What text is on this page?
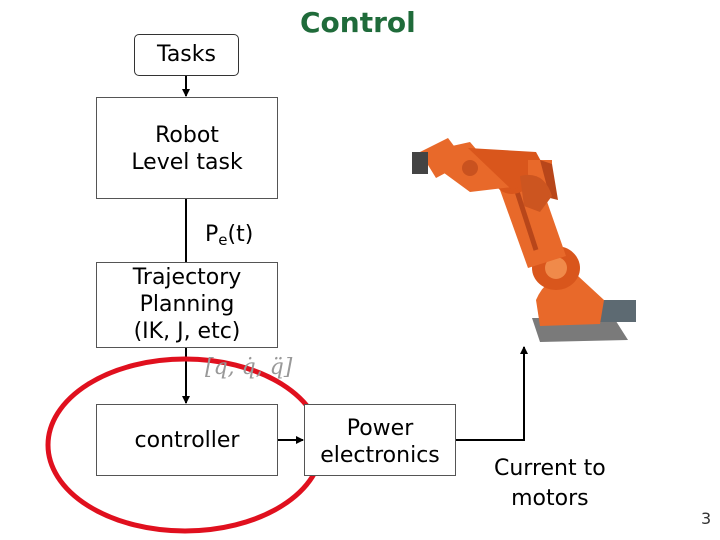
Control
Tasks
Robot
Level task
$P_e(t)$
Trajectory
Planning
(IK, J, etc)
[q, q̇, q̈]
controller	Power
electronics
Current to
motors
3
